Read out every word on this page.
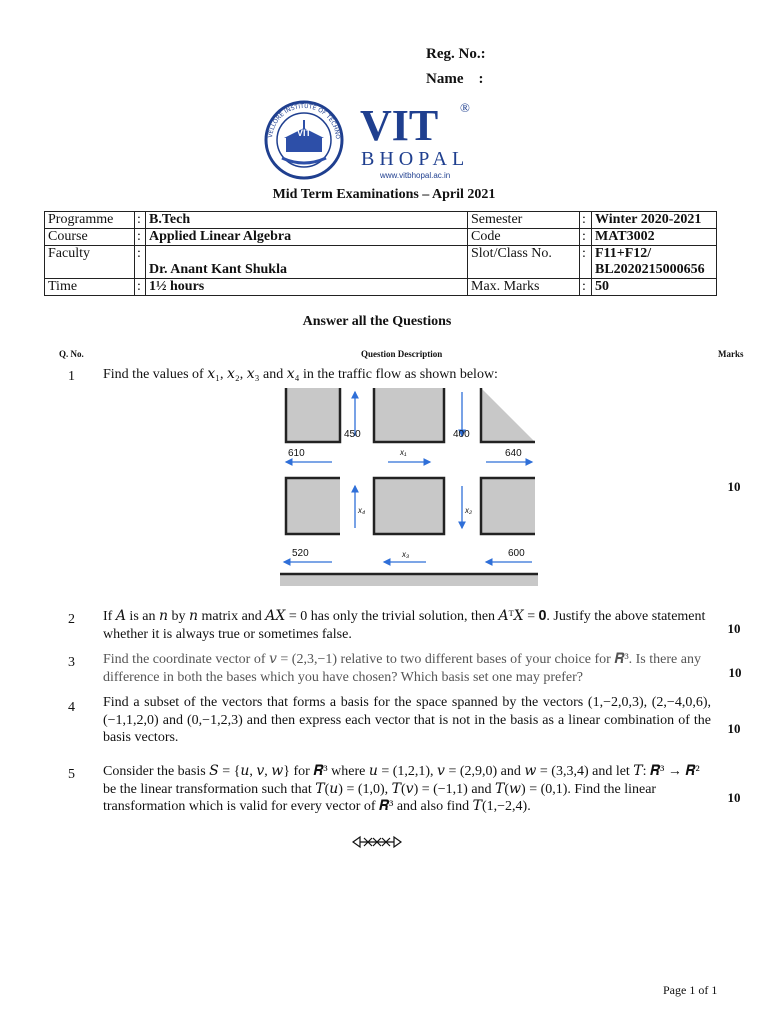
Reg. No.:
Name    :
VELLORE INSTITUTE OF TECHNO
VIT VIT ®
BHOPAL
www.vitbhopal.ac.in
Mid Term Examinations – April 2021
Programme	:	B.Tech	Semester	:	Winter 2020-2021
Course	:	Applied Linear Algebra	Code	:	MAT3002
Faculty	:	Dr. Anant Kant Shukla	Slot/Class No.	:	F11+F12/
BL2020215000656

Time	:	1½ hours	Max. Marks	:	50
Answer all the Questions
Q. No.	Question Description	Marks
1 Find the values of 𝑥₁, 𝑥₂, 𝑥₃ and 𝑥₄ in the traffic flow as shown below:
10
450	400
610	x₁	640
x₄	x₂
520	x₃	600
2 If 𝐴 is an 𝑛 by 𝑛 matrix and 𝐴𝑋 = 0 has only the trivial solution, then 𝐴ᵀ𝑋 = 𝟎. Justify the above statement whether it is always true or sometimes false.	10
3 Find the coordinate vector of 𝑣 = (2,3,−1) relative to two different bases of your choice for 𝑹³. Is there any difference in both the bases which you have chosen? Which basis set one may prefer?	10
4 Find a subset of the vectors that forms a basis for the space spanned by the vectors (1,−2,0,3), (2,−4,0,6), (−1,1,2,0) and (0,−1,2,3) and then express each vector that is not in the basis as a linear combination of the basis vectors.
10
5 Consider the basis 𝑆 = {𝑢, 𝑣, 𝑤} for 𝑹³ where 𝑢 = (1,2,1), 𝑣 = (2,9,0) and 𝑤 = (3,3,4) and let 𝑇: 𝑹³ → 𝑹² be the linear transformation such that 𝑇(𝑢) = (1,0), 𝑇(𝑣) = (−1,1) and 𝑇(𝑤) = (0,1). Find the linear transformation which is valid for every vector of 𝑹³ and also find 𝑇(1,−2,4).
10
Page 1 of 1
